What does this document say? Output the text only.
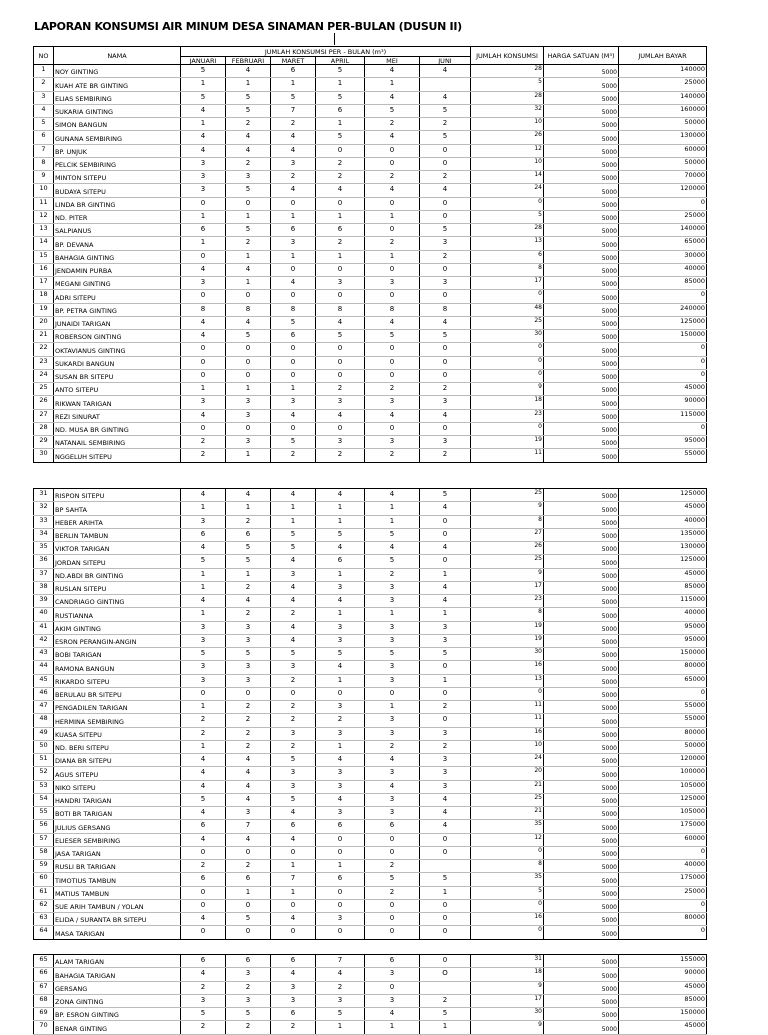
LAPORAN KONSUMSI AIR MINUM DESA SINAMAN PER-BULAN (DUSUN II)
NO	NAMA	JUMLAH KONSUMSI PER - BULAN (m³)						JUMLAH KONSUMSI	HARGA SATUAN (M³)	JUMLAH BAYAR
		JANUARI	FEBRUARI	MARET	APRIL	MEI	JUNI			
1	NOY GINTING	5	4	6	5	4	4	28	5000	140000
2	KUAH ATE BR GINTING	1	1	1	1	1		5	5000	25000
3	ELIAS SEMBIRING	5	5	5	5	4	4	28	5000	140000
4	SUKARIA GINTING	4	5	7	6	5	5	32	5000	160000
5	SIMON BANGUN	1	2	2	1	2	2	10	5000	50000
6	GUNANA SEMBIRING	4	4	4	5	4	5	26	5000	130000
7	BP. UNJUK	4	4	4	0	0	0	12	5000	60000
8	PELCIK SEMBIRING	3	2	3	2	0	0	10	5000	50000
9	MINTON SITEPU	3	3	2	2	2	2	14	5000	70000
10	BUDAYA SITEPU	3	5	4	4	4	4	24	5000	120000
11	LINDA BR GINTING	0	0	0	0	0	0	0	5000	0
12	ND. PITER	1	1	1	1	1	0	5	5000	25000
13	SALPIANUS	6	5	6	6	0	5	28	5000	140000
14	BP. DEVANA	1	2	3	2	2	3	13	5000	65000
15	BAHAGIA GINTING	0	1	1	1	1	2	6	5000	30000
16	JENDAMIN PURBA	4	4	0	0	0	0	8	5000	40000
17	MEGANI GINTING	3	1	4	3	3	3	17	5000	85000
18	ADRI SITEPU	0	0	0	0	0	0	0	5000	0
19	BP. PETRA GINTING	8	8	8	8	8	8	48	5000	240000
20	JUNAIDI TARIGAN	4	4	5	4	4	4	25	5000	125000
21	ROBERSON GINTING	4	5	6	5	5	5	30	5000	150000
22	OKTAVIANUS GINTING	0	0	0	0	0	0	0	5000	0
23	SUKARDI BANGUN	0	0	0	0	0	0	0	5000	0
24	SUSAN BR SITEPU	0	0	0	0	0	0	0	5000	0
25	ANTO SITEPU	1	1	1	2	2	2	9	5000	45000
26	RIKWAN TARIGAN	3	3	3	3	3	3	18	5000	90000
27	REZI SINURAT	4	3	4	4	4	4	23	5000	115000
28	ND. MUSA BR GINTING	0	0	0	0	0	0	0	5000	0
29	NATANAIL SEMBIRING	2	3	5	3	3	3	19	5000	95000
30	NGGELUH SITEPU	2	1	2	2	2	2	11	5000	55000
31	RISPON SITEPU	4	4	4	4	4	5	25	5000	125000
32	BP SAHTA	1	1	1	1	1	4	9	5000	45000
33	HEBER ARIHTA	3	2	1	1	1	0	8	5000	40000
34	BERLIN TAMBUN	6	6	5	5	5	0	27	5000	135000
35	VIKTOR TARIGAN	4	5	5	4	4	4	26	5000	130000
36	JORDAN SITEPU	5	5	4	6	5	0	25	5000	125000
37	ND.ABDI BR GINTING	1	1	3	1	2	1	9	5000	45000
38	RUSLAN SITEPU	1	2	4	3	3	4	17	5000	85000
39	CANDRIAGO GINTING	4	4	4	4	3	4	23	5000	115000
40	RUSTIANNA	1	2	2	1	1	1	8	5000	40000
41	AKIM GINTING	3	3	4	3	3	3	19	5000	95000
42	ESRON PERANGIN-ANGIN	3	3	4	3	3	3	19	5000	95000
43	BOBI TARIGAN	5	5	5	5	5	5	30	5000	150000
44	RAMONA BANGUN	3	3	3	4	3	0	16	5000	80000
45	RIKARDO SITEPU	3	3	2	1	3	1	13	5000	65000
46	BERULAU BR SITEPU	0	0	0	0	0	0	0	5000	0
47	PENGADILEN TARIGAN	1	2	2	3	1	2	11	5000	55000
48	HERMINA SEMBIRING	2	2	2	2	3	0	11	5000	55000
49	KUASA SITEPU	2	2	3	3	3	3	16	5000	80000
50	ND. BERI SITEPU	1	2	2	1	2	2	10	5000	50000
51	DIANA BR SITEPU	4	4	5	4	4	3	24	5000	120000
52	AGUS SITEPU	4	4	3	3	3	3	20	5000	100000
53	NIKO SITEPU	4	4	3	3	4	3	21	5000	105000
54	HANDRI TARIGAN	5	4	5	4	3	4	25	5000	125000
55	BOTI BR TARIGAN	4	3	4	3	3	4	21	5000	105000
56	JULIUS GERSANG	6	7	6	6	6	4	35	5000	175000
57	ELIESER SEMBIRING	4	4	4	0	0	0	12	5000	60000
58	JASA TARIGAN	0	0	0	0	0	0	0	5000	0
59	RUSLI BR TARIGAN	2	2	1	1	2		8	5000	40000
60	TIMOTIUS TAMBUN	6	6	7	6	5	5	35	5000	175000
61	MATIUS TAMBUN	0	1	1	0	2	1	5	5000	25000
62	SUE ARIH TAMBUN / YOLAN	0	0	0	0	0	0	0	5000	0
63	ELIDA / SURANTA BR SITEPU	4	5	4	3	0	0	16	5000	80000
64	MASA TARIGAN	0	0	0	0	0	0	0	5000	0
65	ALAM TARIGAN	6	6	6	7	6	0	31	5000	155000
66	BAHAGIA TARIGAN	4	3	4	4	3	O	18	5000	90000
67	GERSANG	2	2	3	2	0		9	5000	45000
68	ZONA GINTING	3	3	3	3	3	2	17	5000	85000
69	BP. ESRON GINTING	5	5	6	5	4	5	30	5000	150000
70	BENAR GINTING	2	2	2	1	1	1	9	5000	45000
